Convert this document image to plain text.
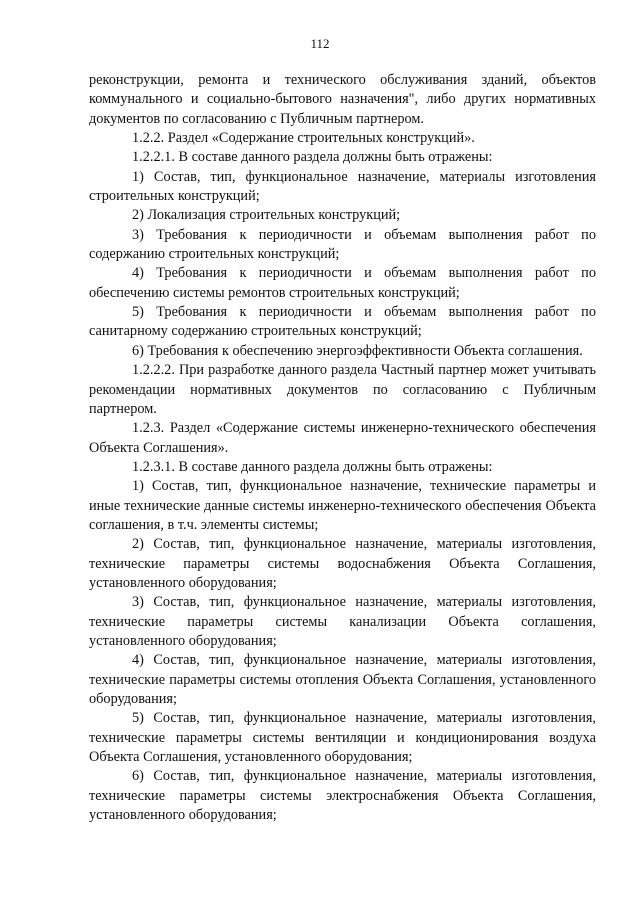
112

реконструкции, ремонта и технического обслуживания зданий, объектов коммунального и социально-бытового назначения", либо других нормативных документов по согласованию с Публичным партнером.

1.2.2. Раздел «Содержание строительных конструкций».

1.2.2.1. В составе данного раздела должны быть отражены:

1) Состав, тип, функциональное назначение, материалы изготовления строительных конструкций;

2) Локализация строительных конструкций;

3) Требования к периодичности и объемам выполнения работ по содержанию строительных конструкций;

4) Требования к периодичности и объемам выполнения работ по обеспечению системы ремонтов строительных конструкций;

5) Требования к периодичности и объемам выполнения работ по санитарному содержанию строительных конструкций;

6) Требования к обеспечению энергоэффективности Объекта соглашения.

1.2.2.2. При разработке данного раздела Частный партнер может учитывать рекомендации нормативных документов по согласованию с Публичным партнером.

1.2.3. Раздел «Содержание системы инженерно-технического обеспечения Объекта Соглашения».

1.2.3.1. В составе данного раздела должны быть отражены:

1) Состав, тип, функциональное назначение, технические параметры и иные технические данные системы инженерно-технического обеспечения Объекта соглашения, в т.ч. элементы системы;

2) Состав, тип, функциональное назначение, материалы изготовления, технические параметры системы водоснабжения Объекта Соглашения, установленного оборудования;

3) Состав, тип, функциональное назначение, материалы изготовления, технические параметры системы канализации Объекта соглашения, установленного оборудования;

4) Состав, тип, функциональное назначение, материалы изготовления, технические параметры системы отопления Объекта Соглашения, установленного оборудования;

5) Состав, тип, функциональное назначение, материалы изготовления, технические параметры системы вентиляции и кондиционирования воздуха Объекта Соглашения, установленного оборудования;

6) Состав, тип, функциональное назначение, материалы изготовления, технические параметры системы электроснабжения Объекта Соглашения, установленного оборудования;
